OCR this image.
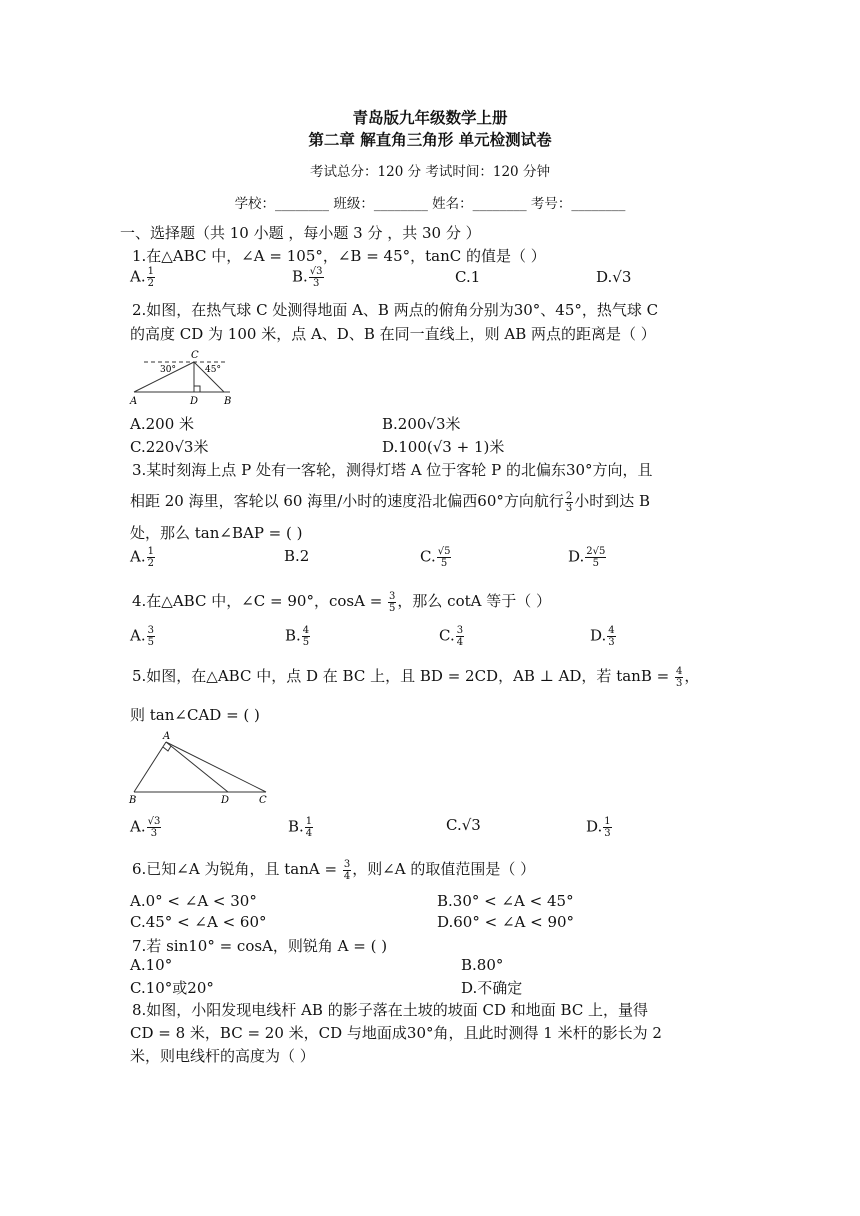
青岛版九年级数学上册
第二章 解直角三角形 单元检测试卷
考试总分：120 分 考试时间：120 分钟
学校：________ 班级：________ 姓名：________ 考号：________
一、选择题（共 10 小题 ，每小题 3 分 ，共 30 分 ）
1.在△ABC 中，∠A = 105°，∠B = 45°，tanC 的值是（ ）
A. $\frac{1}{2}$	B. $\frac{√3}{3}$	C.1	D.√3
2.如图，在热气球 C 处测得地面 A、B 两点的俯角分别为30°、45°，热气球 C
的高度 CD 为 100 米，点 A、D、B 在同一直线上，则 AB 两点的距离是（ ）
C
30°	45°
A	D	B
A.200 米	B.200√3米
C.220√3米	D.100(√3 + 1)米
3.某时刻海上点 P 处有一客轮，测得灯塔 A 位于客轮 P 的北偏东30°方向，且
相距 20 海里，客轮以 60 海里/小时的速度沿北偏西60°方向航行 $\frac{2}{3}$ 小时到达 B
处，那么 tan∠BAP = ( )
A. $\frac{1}{2}$	B.2	C. $\frac{√5}{5}$	D. $\frac{2√5}{5}$
4.在△ABC 中，∠C = 90°，$\cos A = \frac{3}{5}$ ，那么 cotA 等于（ ）
A. $\frac{3}{5}$	B. $\frac{4}{5}$	C. $\frac{3}{4}$	D. $\frac{4}{3}$
5.如图，在△ABC 中，点 D 在 BC 上，且 BD = 2CD，AB ⊥ AD，若 $\tan B = \frac{4}{3}$ ，
则 tan∠CAD = ( )
A
B	D	C
A. $\frac{√3}{3}$	B. $\frac{1}{4}$	C.√3	D. $\frac{1}{3}$
6.已知∠A 为锐角，且 $\tan A = \frac{3}{4}$ ，则∠A 的取值范围是（ ）
A.0° < ∠A < 30°	B.30° < ∠A < 45°
C.45° < ∠A < 60°	D.60° < ∠A < 90°
7.若 sin10° = cosA，则锐角 A = ( )
A.10°	B.80°
C.10°或20°	D.不确定
8.如图，小阳发现电线杆 AB 的影子落在土坡的坡面 CD 和地面 BC 上，量得
CD = 8 米，BC = 20 米，CD 与地面成30°角，且此时测得 1 米杆的影长为 2
米，则电线杆的高度为（ ）
